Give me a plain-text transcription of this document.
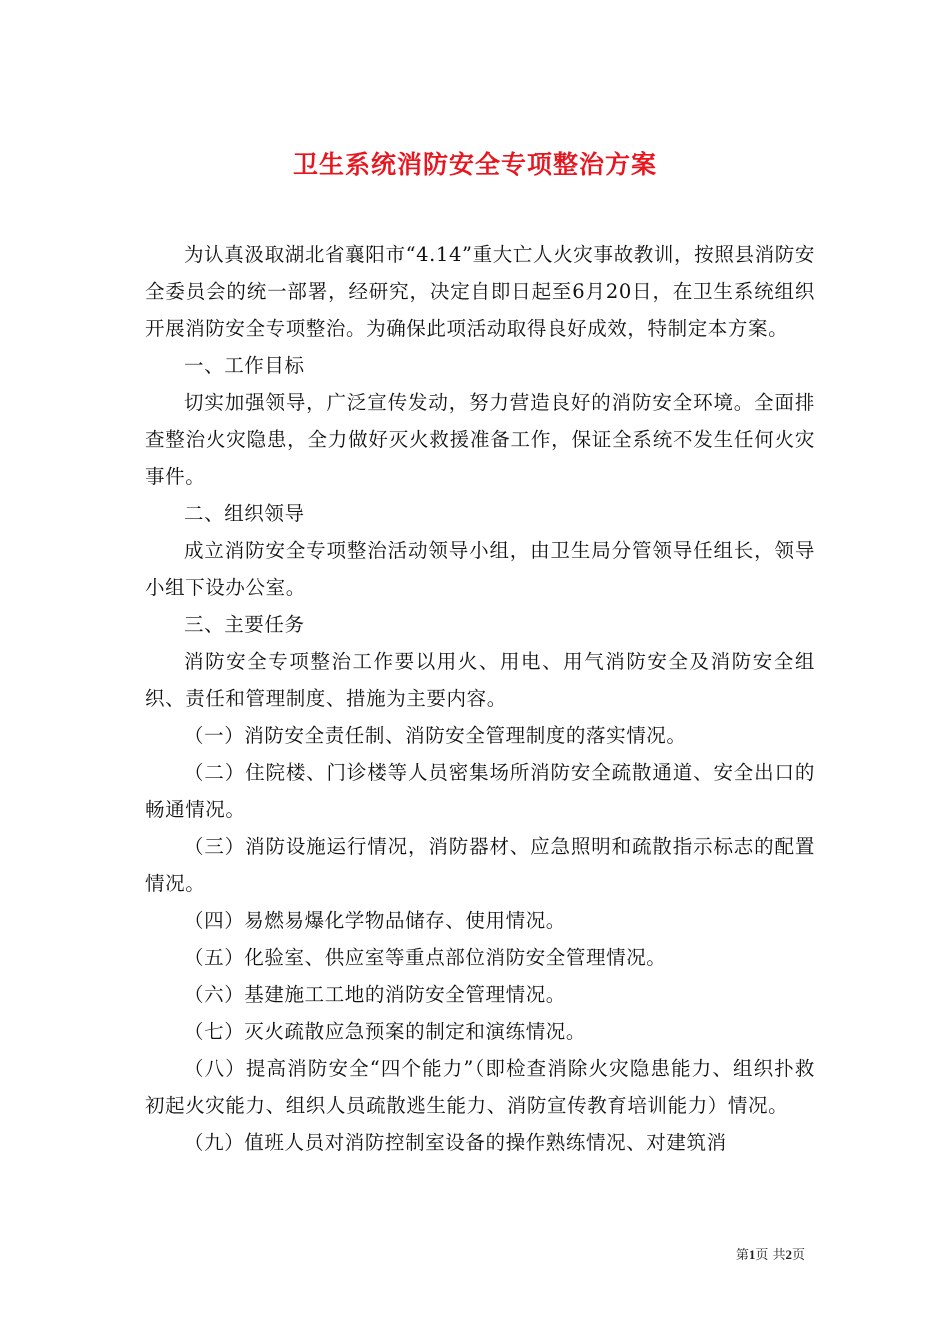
卫生系统消防安全专项整治方案

为认真汲取湖北省襄阳市“4.14”重大亡人火灾事故教训，按照县消防安全委员会的统一部署，经研究，决定自即日起至6月20日，在卫生系统组织开展消防安全专项整治。为确保此项活动取得良好成效，特制定本方案。

一、工作目标

切实加强领导，广泛宣传发动，努力营造良好的消防安全环境。全面排查整治火灾隐患，全力做好灭火救援准备工作，保证全系统不发生任何火灾事件。

二、组织领导

成立消防安全专项整治活动领导小组，由卫生局分管领导任组长，领导小组下设办公室。

三、主要任务

消防安全专项整治工作要以用火、用电、用气消防安全及消防安全组织、责任和管理制度、措施为主要内容。

（一）消防安全责任制、消防安全管理制度的落实情况。

（二）住院楼、门诊楼等人员密集场所消防安全疏散通道、安全出口的畅通情况。

（三）消防设施运行情况，消防器材、应急照明和疏散指示标志的配置情况。

（四）易燃易爆化学物品储存、使用情况。

（五）化验室、供应室等重点部位消防安全管理情况。

（六）基建施工工地的消防安全管理情况。

（七）灭火疏散应急预案的制定和演练情况。

（八）提高消防安全“四个能力”（即检查消除火灾隐患能力、组织扑救初起火灾能力、组织人员疏散逃生能力、消防宣传教育培训能力）情况。

（九）值班人员对消防控制室设备的操作熟练情况、对建筑消

第1页 共2页
